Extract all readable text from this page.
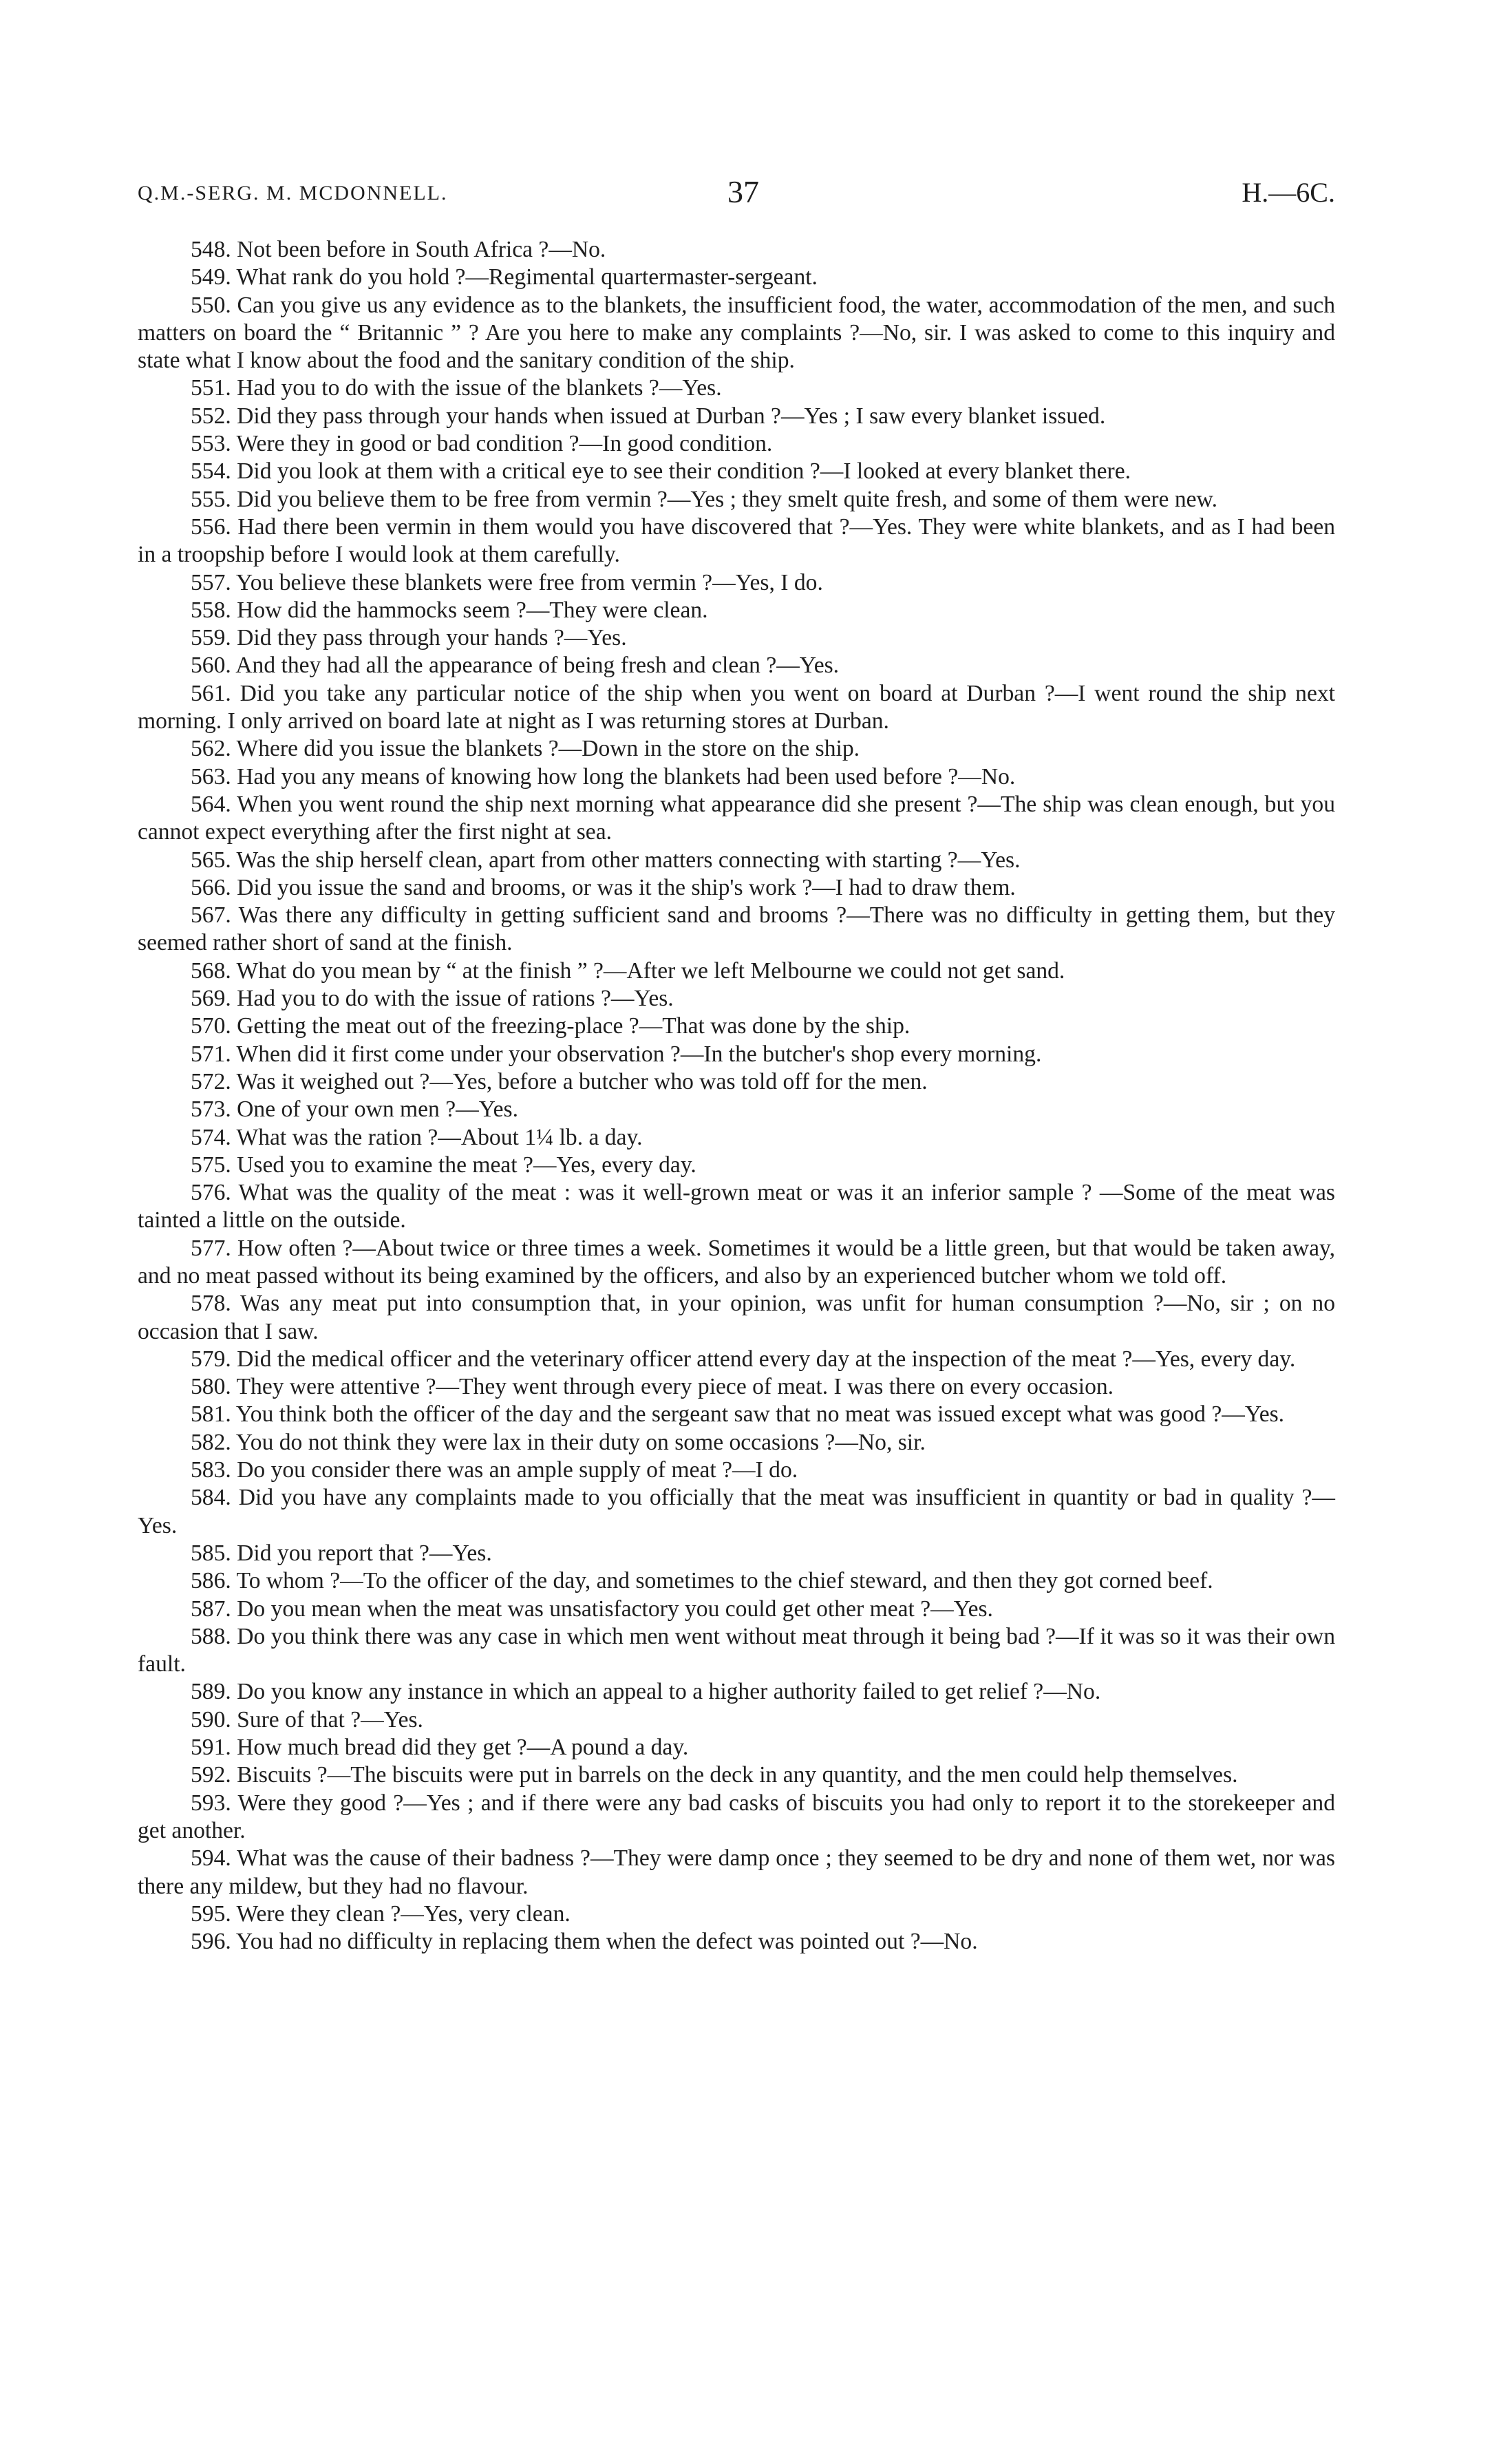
Q.M.-SERG. M. MCDONNELL.	37	H.—6C.

548. Not been before in South Africa ?—No.

549. What rank do you hold ?—Regimental quartermaster-sergeant.

550. Can you give us any evidence as to the blankets, the insufficient food, the water, accommodation of the men, and such matters on board the “ Britannic ” ? Are you here to make any complaints ?—No, sir. I was asked to come to this inquiry and state what I know about the food and the sanitary condition of the ship.

551. Had you to do with the issue of the blankets ?—Yes.

552. Did they pass through your hands when issued at Durban ?—Yes ; I saw every blanket issued.

553. Were they in good or bad condition ?—In good condition.

554. Did you look at them with a critical eye to see their condition ?—I looked at every blanket there.

555. Did you believe them to be free from vermin ?—Yes ; they smelt quite fresh, and some of them were new.

556. Had there been vermin in them would you have discovered that ?—Yes. They were white blankets, and as I had been in a troopship before I would look at them carefully.

557. You believe these blankets were free from vermin ?—Yes, I do.

558. How did the hammocks seem ?—They were clean.

559. Did they pass through your hands ?—Yes.

560. And they had all the appearance of being fresh and clean ?—Yes.

561. Did you take any particular notice of the ship when you went on board at Durban ?—I went round the ship next morning. I only arrived on board late at night as I was returning stores at Durban.

562. Where did you issue the blankets ?—Down in the store on the ship.

563. Had you any means of knowing how long the blankets had been used before ?—No.

564. When you went round the ship next morning what appearance did she present ?—The ship was clean enough, but you cannot expect everything after the first night at sea.

565. Was the ship herself clean, apart from other matters connecting with starting ?—Yes.

566. Did you issue the sand and brooms, or was it the ship's work ?—I had to draw them.

567. Was there any difficulty in getting sufficient sand and brooms ?—There was no difficulty in getting them, but they seemed rather short of sand at the finish.

568. What do you mean by “ at the finish ” ?—After we left Melbourne we could not get sand.

569. Had you to do with the issue of rations ?—Yes.

570. Getting the meat out of the freezing-place ?—That was done by the ship.

571. When did it first come under your observation ?—In the butcher's shop every morning.

572. Was it weighed out ?—Yes, before a butcher who was told off for the men.

573. One of your own men ?—Yes.

574. What was the ration ?—About 1¼ lb. a day.

575. Used you to examine the meat ?—Yes, every day.

576. What was the quality of the meat : was it well-grown meat or was it an inferior sample ? —Some of the meat was tainted a little on the outside.

577. How often ?—About twice or three times a week. Sometimes it would be a little green, but that would be taken away, and no meat passed without its being examined by the officers, and also by an experienced butcher whom we told off.

578. Was any meat put into consumption that, in your opinion, was unfit for human consumption ?—No, sir ; on no occasion that I saw.

579. Did the medical officer and the veterinary officer attend every day at the inspection of the meat ?—Yes, every day.

580. They were attentive ?—They went through every piece of meat. I was there on every occasion.

581. You think both the officer of the day and the sergeant saw that no meat was issued except what was good ?—Yes.

582. You do not think they were lax in their duty on some occasions ?—No, sir.

583. Do you consider there was an ample supply of meat ?—I do.

584. Did you have any complaints made to you officially that the meat was insufficient in quantity or bad in quality ?—Yes.

585. Did you report that ?—Yes.

586. To whom ?—To the officer of the day, and sometimes to the chief steward, and then they got corned beef.

587. Do you mean when the meat was unsatisfactory you could get other meat ?—Yes.

588. Do you think there was any case in which men went without meat through it being bad ?—If it was so it was their own fault.

589. Do you know any instance in which an appeal to a higher authority failed to get relief ?—No.

590. Sure of that ?—Yes.

591. How much bread did they get ?—A pound a day.

592. Biscuits ?—The biscuits were put in barrels on the deck in any quantity, and the men could help themselves.

593. Were they good ?—Yes ; and if there were any bad casks of biscuits you had only to report it to the storekeeper and get another.

594. What was the cause of their badness ?—They were damp once ; they seemed to be dry and none of them wet, nor was there any mildew, but they had no flavour.

595. Were they clean ?—Yes, very clean.

596. You had no difficulty in replacing them when the defect was pointed out ?—No.
